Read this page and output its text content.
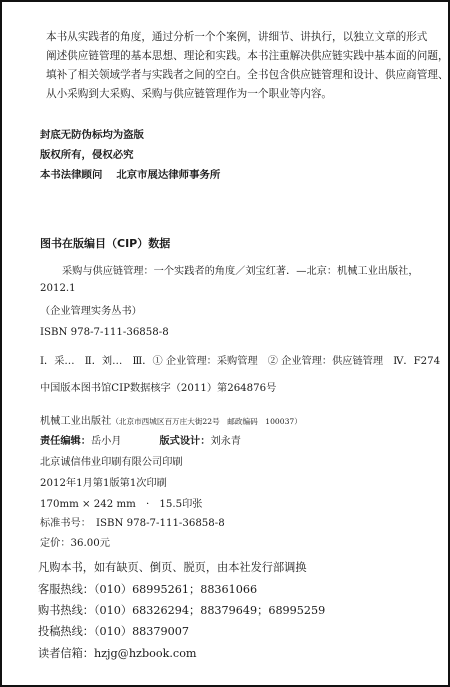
本书从实践者的角度，通过分析一个个案例，讲细节、讲执行，以独立文章的形式
阐述供应链管理的基本思想、理论和实践。本书注重解决供应链实践中基本面的问题，
填补了相关领域学者与实践者之间的空白。全书包含供应链管理和设计、供应商管理、
从小采购到大采购、采购与供应链管理作为一个职业等内容。
封底无防伪标均为盗版
版权所有，侵权必究
本书法律顾问 北京市展达律师事务所
图书在版编目（CIP）数据
采购与供应链管理：一个实践者的角度／刘宝红著．—北京：机械工业出版社，
2012.1
（企业管理实务丛书）
ISBN 978-7-111-36858-8
Ⅰ．采…　Ⅱ．刘…　Ⅲ．① 企业管理：采购管理　② 企业管理：供应链管理　Ⅳ．F274
中国版本图书馆CIP数据核字（2011）第264876号
机械工业出版社（北京市西城区百万庄大街22号　邮政编码　100037）
责任编辑：岳小月	版式设计：刘永青
北京诚信伟业印刷有限公司印刷
2012年1月第1版第1次印刷
170mm × 242 mm　·　15.5印张
标准书号：　ISBN 978-7-111-36858-8
定价：36.00元
凡购本书，如有缺页、倒页、脱页，由本社发行部调换
客服热线：（010）68995261；88361066
购书热线：（010）68326294；88379649；68995259
投稿热线：（010）88379007
读者信箱：hzjg@hzbook.com
